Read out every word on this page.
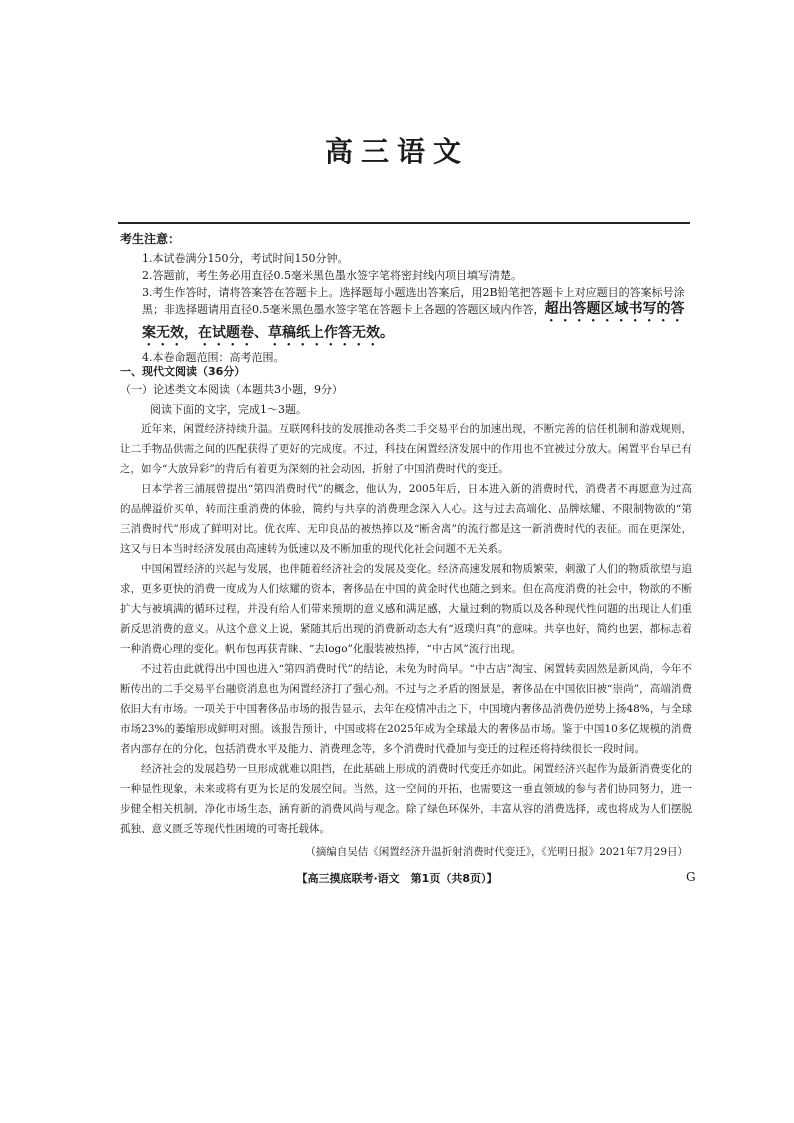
高三语文
考生注意：
1.本试卷满分150分，考试时间150分钟。
2.答题前，考生务必用直径0.5毫米黑色墨水签字笔将密封线内项目填写清楚。
3.考生作答时，请将答案答在答题卡上。选择题每小题选出答案后，用2B铅笔把答题卡上对应题目的答案标号涂黑；非选择题请用直径0.5毫米黑色墨水签字笔在答题卡上各题的答题区域内作答，超出答题区域书写的答案无效，在试题卷、草稿纸上作答无效。
4.本卷命题范围：高考范围。
一、现代文阅读（36分）
（一）论述类文本阅读（本题共3小题，9分）
阅读下面的文字，完成1～3题。

近年来，闲置经济持续升温。互联网科技的发展推动各类二手交易平台的加速出现，不断完善的信任机制和游戏规则，让二手物品供需之间的匹配获得了更好的完成度。不过，科技在闲置经济发展中的作用也不宜被过分放大。闲置平台早已有之，如今“大放异彩”的背后有着更为深刻的社会动因，折射了中国消费时代的变迁。

日本学者三浦展曾提出“第四消费时代”的概念，他认为，2005年后，日本进入新的消费时代，消费者不再愿意为过高的品牌溢价买单，转而注重消费的体验，简约与共享的消费理念深入人心。这与过去高端化、品牌炫耀、不限制物欲的“第三消费时代”形成了鲜明对比。优衣库、无印良品的被热捧以及“断舍离”的流行都是这一新消费时代的表征。而在更深处，这又与日本当时经济发展由高速转为低速以及不断加重的现代化社会问题不无关系。

中国闲置经济的兴起与发展，也伴随着经济社会的发展及变化。经济高速发展和物质繁荣，刺激了人们的物质欲望与追求，更多更快的消费一度成为人们炫耀的资本，奢侈品在中国的黄金时代也随之到来。但在高度消费的社会中，物欲的不断扩大与被填满的循环过程，并没有给人们带来预期的意义感和满足感，大量过剩的物质以及各种现代性问题的出现让人们重新反思消费的意义。从这个意义上说，紧随其后出现的消费新动态大有“返璞归真”的意味。共享也好，简约也罢，都标志着一种消费心理的变化。帆布包再获青睐、“去logo”化服装被热捧，“中古风”流行出现。

不过若由此就得出中国也进入“第四消费时代”的结论，未免为时尚早。“中古店”淘宝、闲置转卖固然是新风尚，今年不断传出的二手交易平台融资消息也为闲置经济打了强心剂。不过与之矛盾的图景是，奢侈品在中国依旧被“崇尚”，高端消费依旧大有市场。一项关于中国奢侈品市场的报告显示，去年在疫情冲击之下，中国境内奢侈品消费仍逆势上扬48%，与全球市场23%的萎缩形成鲜明对照。该报告预计，中国或将在2025年成为全球最大的奢侈品市场。鉴于中国10多亿规模的消费者内部存在的分化，包括消费水平及能力、消费理念等，多个消费时代叠加与变迁的过程还将持续很长一段时间。

经济社会的发展趋势一旦形成就难以阻挡，在此基础上形成的消费时代变迁亦如此。闲置经济兴起作为最新消费变化的一种显性现象，未来或将有更为长足的发展空间。当然，这一空间的开拓，也需要这一垂直领域的参与者们协同努力，进一步健全相关机制，净化市场生态，涵育新的消费风尚与观念。除了绿色环保外，丰富从容的消费选择，或也将成为人们摆脱孤独、意义匮乏等现代性困境的可寄托载体。

（摘编自吴佶《闲置经济升温折射消费时代变迁》，《光明日报》2021年7月29日）
【高三摸底联考·语文　第1页（共8页）】	G
